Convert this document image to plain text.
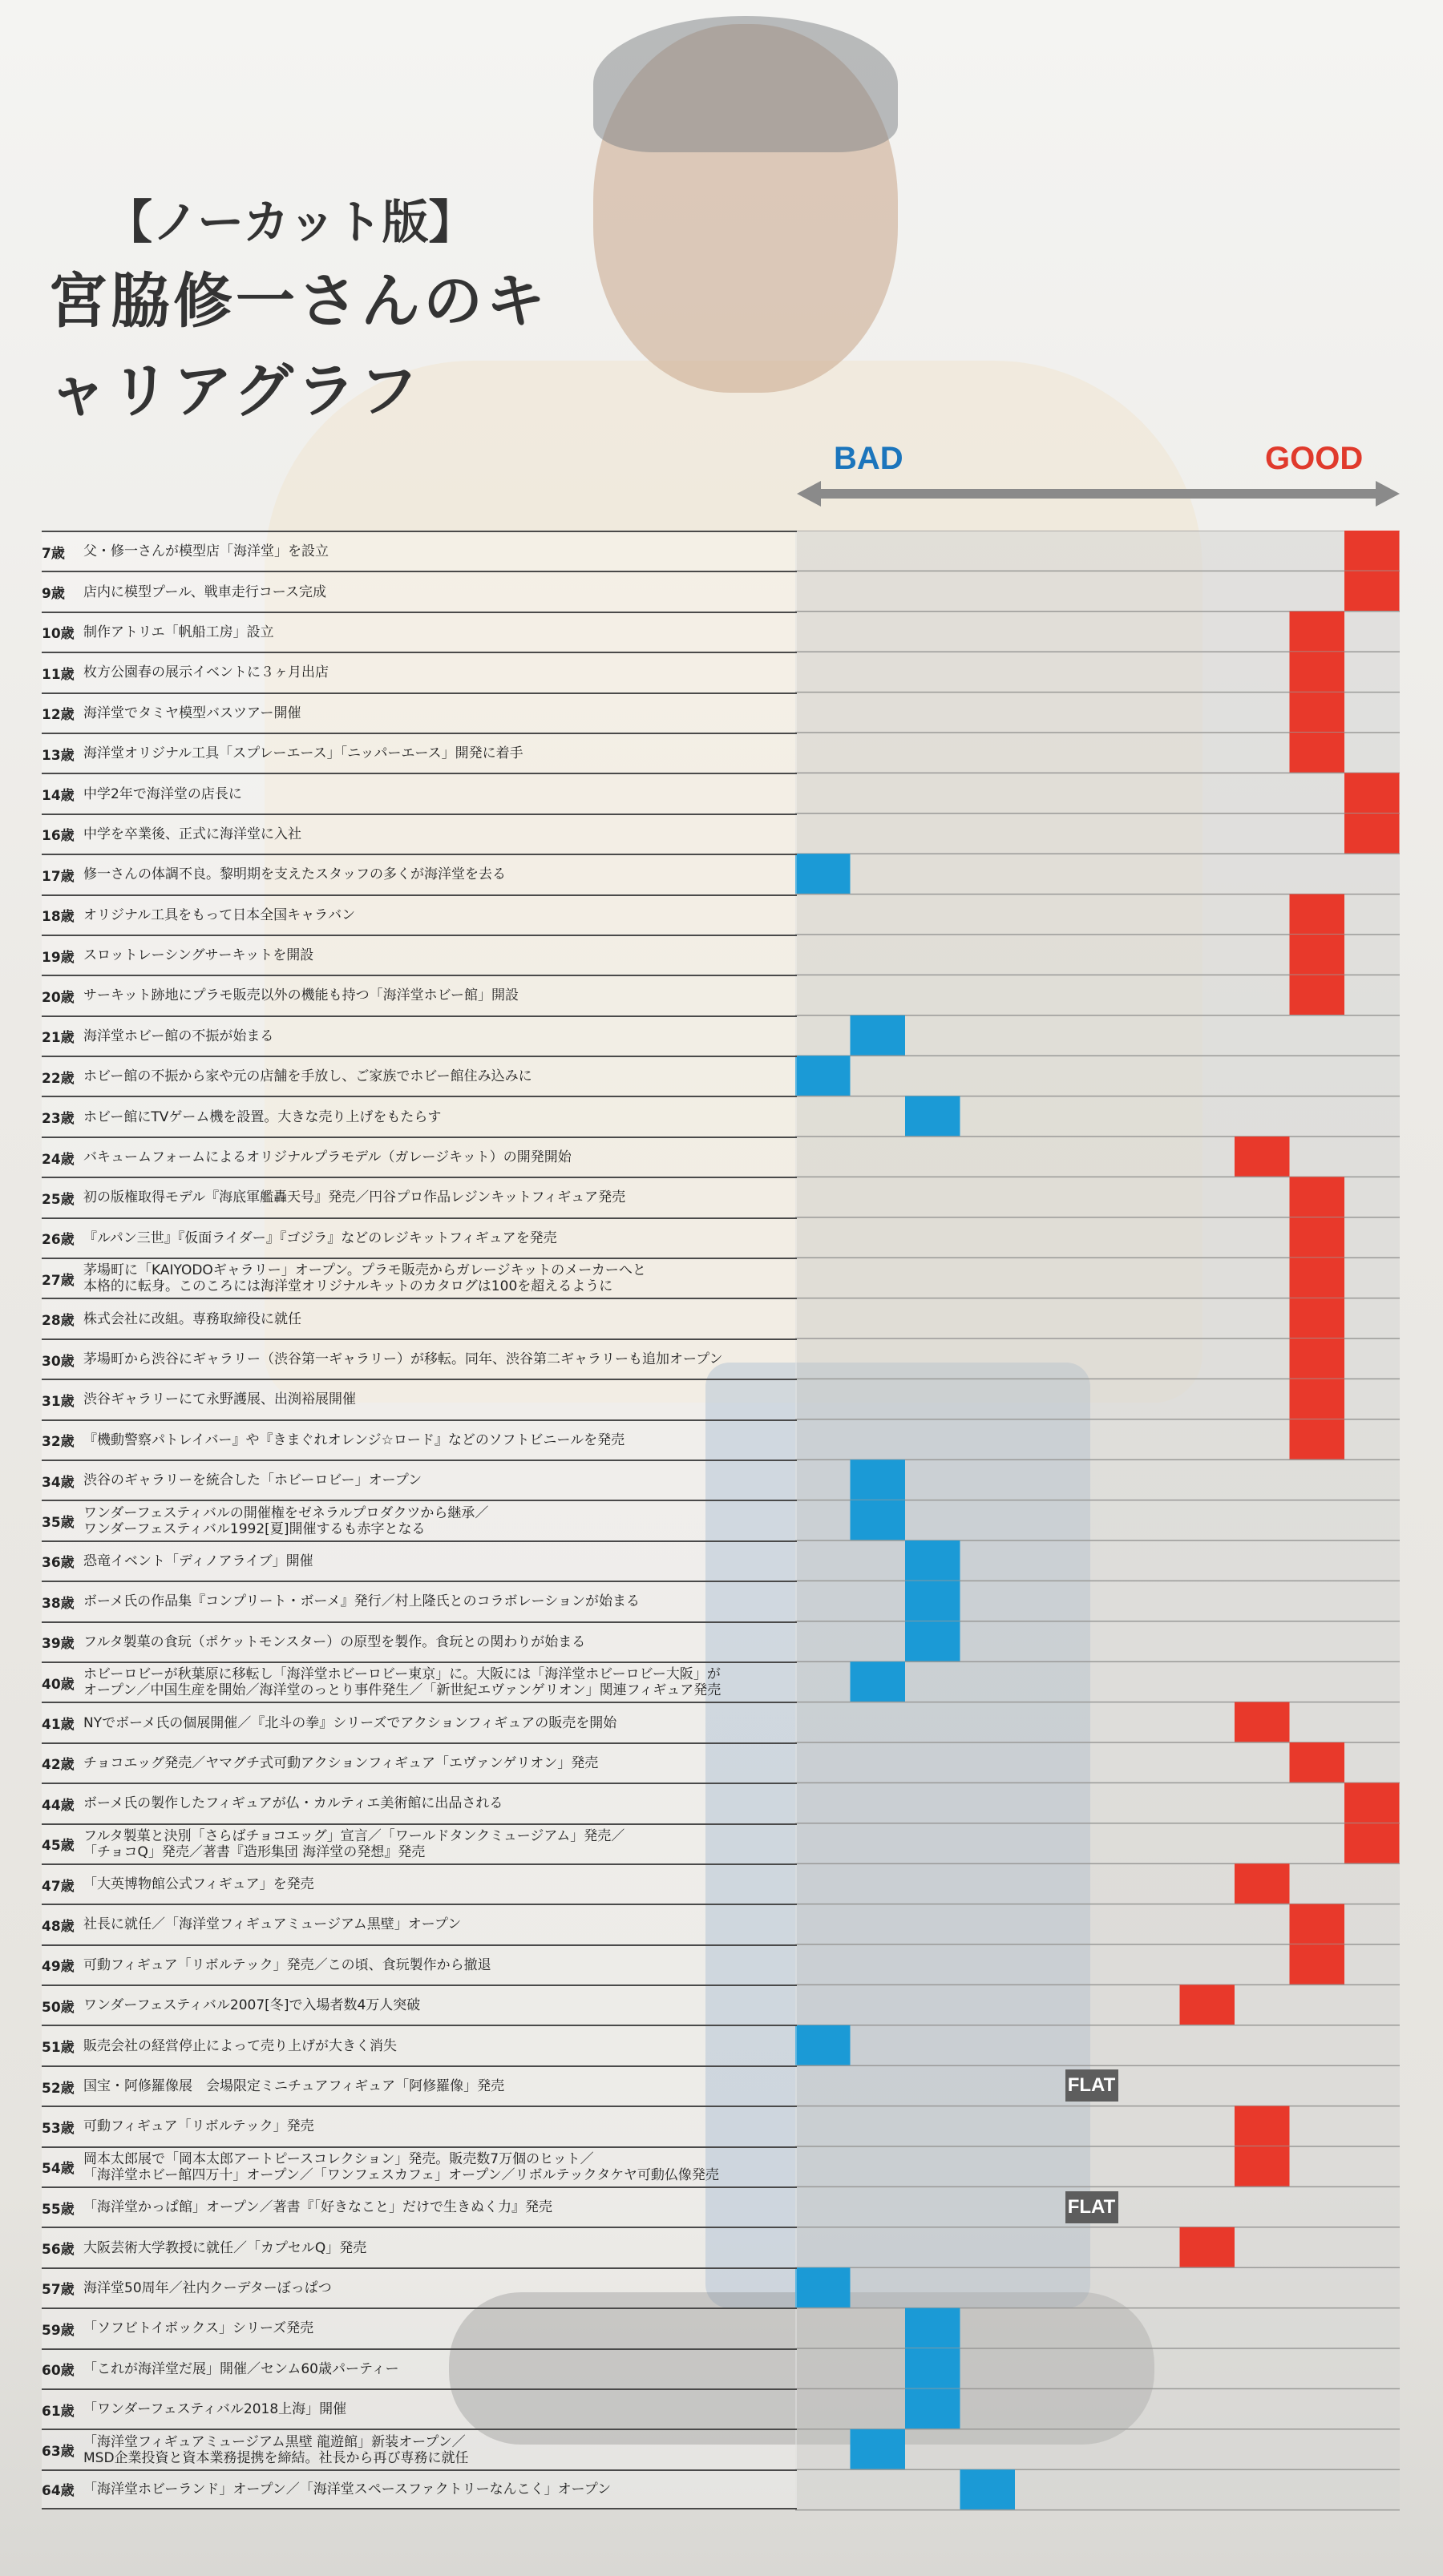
【ノーカット版】
宮脇修一さんのキャリアグラフ
BAD	GOOD
FLAT
FLAT
7歳	父・修一さんが模型店「海洋堂」を設立
9歳	店内に模型プール、戦車走行コース完成
10歳 制作アトリエ「帆船工房」設立
11歳 枚方公園春の展示イベントに３ヶ月出店
12歳 海洋堂でタミヤ模型バスツアー開催
13歳 海洋堂オリジナル工具「スプレーエース」「ニッパーエース」開発に着手
14歳 中学2年で海洋堂の店長に
16歳 中学を卒業後、正式に海洋堂に入社
17歳 修一さんの体調不良。黎明期を支えたスタッフの多くが海洋堂を去る
18歳 オリジナル工具をもって日本全国キャラバン
19歳 スロットレーシングサーキットを開設
20歳 サーキット跡地にプラモ販売以外の機能も持つ「海洋堂ホビー館」開設
21歳 海洋堂ホビー館の不振が始まる
22歳 ホビー館の不振から家や元の店舗を手放し、ご家族でホビー館住み込みに
23歳 ホビー館にTVゲーム機を設置。大きな売り上げをもたらす
24歳 バキュームフォームによるオリジナルプラモデル（ガレージキット）の開発開始
25歳 初の版権取得モデル『海底軍艦轟天号』発売／円谷プロ作品レジンキットフィギュア発売
26歳 『ルパン三世』『仮面ライダー』『ゴジラ』などのレジキットフィギュアを発売
27歳
茅場町に「KAIYODOギャラリー」オープン。プラモ販売からガレージキットのメーカーへと
本格的に転身。このころには海洋堂オリジナルキットのカタログは100を超えるように
28歳 株式会社に改組。専務取締役に就任
30歳 茅場町から渋谷にギャラリー（渋谷第一ギャラリー）が移転。同年、渋谷第二ギャラリーも追加オープン
31歳 渋谷ギャラリーにて永野護展、出渕裕展開催
32歳 『機動警察パトレイバー』や『きまぐれオレンジ☆ロード』などのソフトビニールを発売
34歳 渋谷のギャラリーを統合した「ホビーロビー」オープン
35歳
ワンダーフェスティバルの開催権をゼネラルプロダクツから継承／
ワンダーフェスティバル1992[夏]開催するも赤字となる
36歳 恐竜イベント「ディノアライブ」開催
38歳 ボーメ氏の作品集『コンプリート・ボーメ』発行／村上隆氏とのコラボレーションが始まる
39歳 フルタ製菓の食玩（ポケットモンスター）の原型を製作。食玩との関わりが始まる
40歳
ホビーロビーが秋葉原に移転し「海洋堂ホビーロビー東京」に。大阪には「海洋堂ホビーロビー大阪」が
オープン／中国生産を開始／海洋堂のっとり事件発生／「新世紀エヴァンゲリオン」関連フィギュア発売
41歳 NYでボーメ氏の個展開催／『北斗の拳』シリーズでアクションフィギュアの販売を開始
42歳 チョコエッグ発売／ヤマグチ式可動アクションフィギュア「エヴァンゲリオン」発売
44歳 ボーメ氏の製作したフィギュアが仏・カルティエ美術館に出品される
45歳
フルタ製菓と決別「さらばチョコエッグ」宣言／「ワールドタンクミュージアム」発売／
「チョコQ」発売／著書『造形集団 海洋堂の発想』発売
47歳 「大英博物館公式フィギュア」を発売
48歳 社長に就任／「海洋堂フィギュアミュージアム黒壁」オープン
49歳 可動フィギュア「リボルテック」発売／この頃、食玩製作から撤退
50歳 ワンダーフェスティバル2007[冬]で入場者数4万人突破
51歳 販売会社の経営停止によって売り上げが大きく消失
52歳 国宝・阿修羅像展　会場限定ミニチュアフィギュア「阿修羅像」発売
53歳 可動フィギュア「リボルテック」発売
54歳
岡本太郎展で「岡本太郎アートピースコレクション」発売。販売数7万個のヒット／
「海洋堂ホビー館四万十」オープン／「ワンフェスカフェ」オープン／リボルテックタケヤ可動仏像発売
55歳 「海洋堂かっぱ館」オープン／著書『「好きなこと」だけで生きぬく力』発売
56歳 大阪芸術大学教授に就任／「カプセルQ」発売
57歳 海洋堂50周年／社内クーデターぼっぱつ
59歳 「ソフビトイボックス」シリーズ発売
60歳 「これが海洋堂だ展」開催／センム60歳パーティー
61歳 「ワンダーフェスティバル2018上海」開催
63歳
「海洋堂フィギュアミュージアム黒壁 龍遊館」新装オープン／
MSD企業投資と資本業務提携を締結。社長から再び専務に就任
64歳 「海洋堂ホビーランド」オープン／「海洋堂スペースファクトリーなんこく」オープン
